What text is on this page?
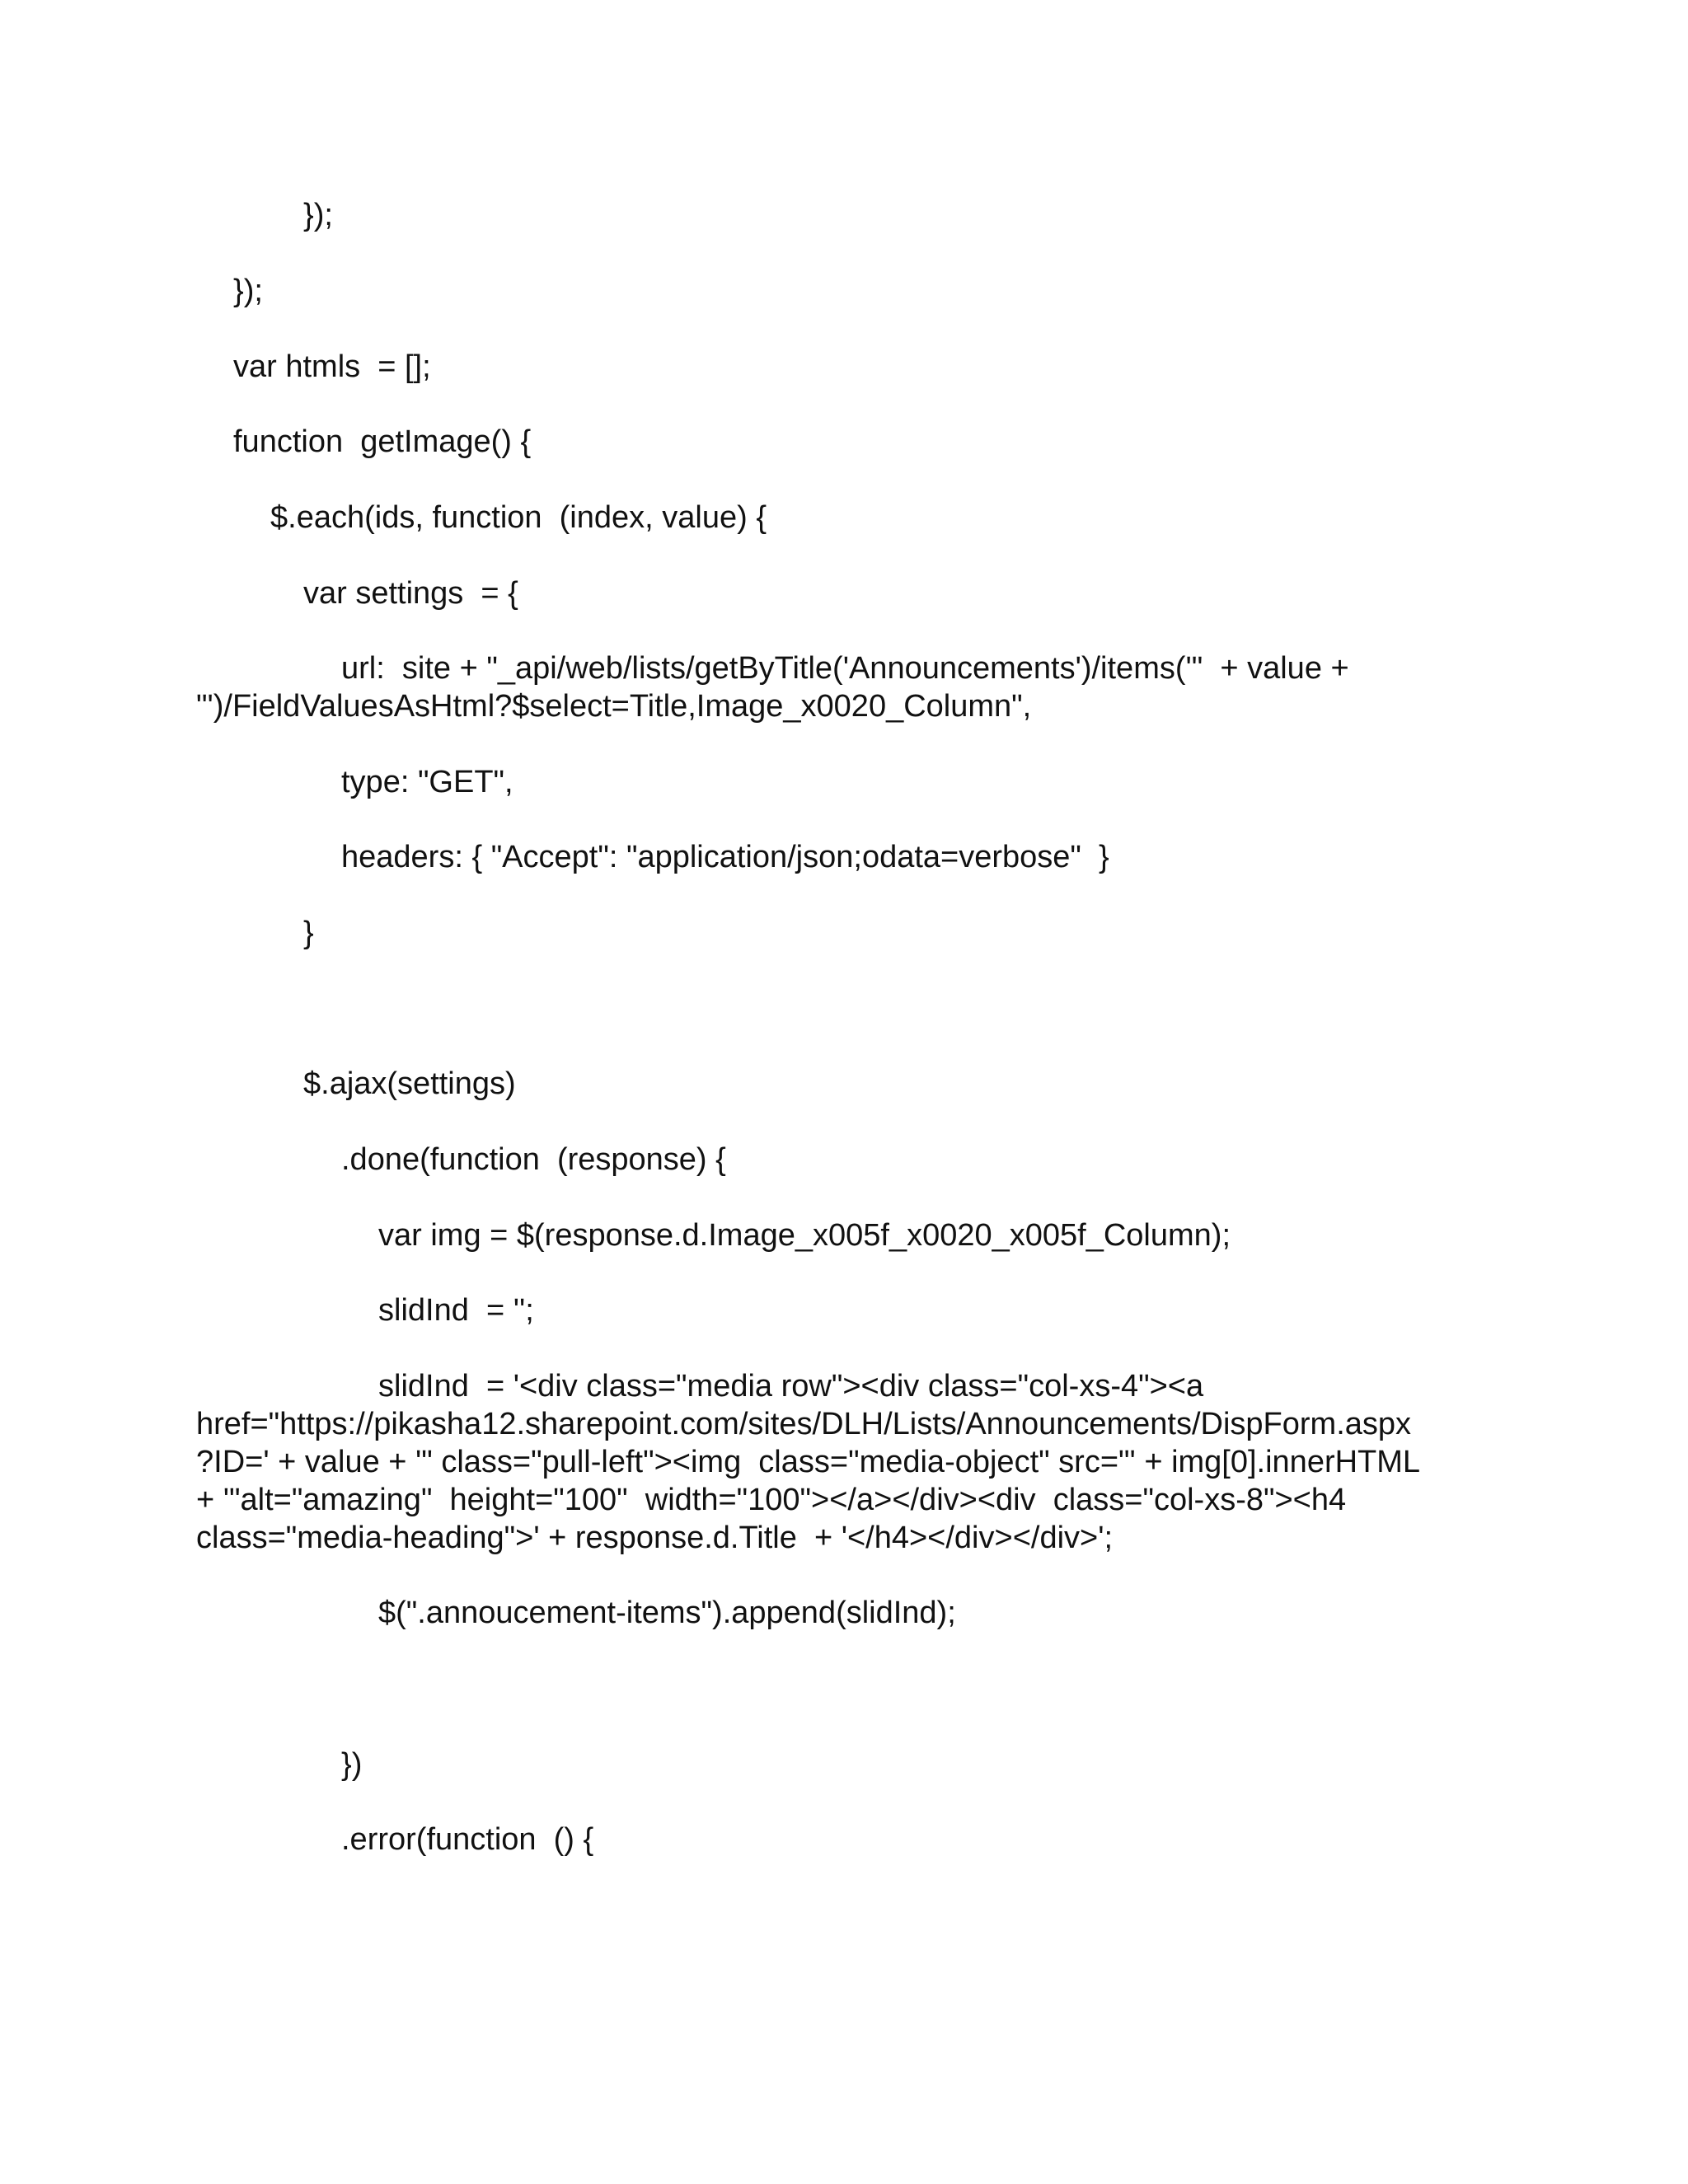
});

});

var htmls  = [];

function  getImage() {

$.each(ids, function  (index, value) {

var settings  = {

url:  site + "_api/web/lists/getByTitle('Announcements')/items('"  + value +

"')/FieldValuesAsHtml?$select=Title,Image_x0020_Column",

type: "GET",

headers: { "Accept": "application/json;odata=verbose"  }

}

$.ajax(settings)

.done(function  (response) {

var img = $(response.d.Image_x005f_x0020_x005f_Column);

slidInd  = '';

slidInd  = '<div class="media row"><div class="col-xs-4"><a

href="https://pikasha12.sharepoint.com/sites/DLH/Lists/Announcements/DispForm.aspx

?ID=' + value + '" class="pull-left"><img  class="media-object" src="' + img[0].innerHTML

+ '"alt="amazing"  height="100"  width="100"></a></div><div  class="col-xs-8"><h4

class="media-heading">' + response.d.Title  + '</h4></div></div>';

$(".annoucement-items").append(slidInd);

})

.error(function  () {
